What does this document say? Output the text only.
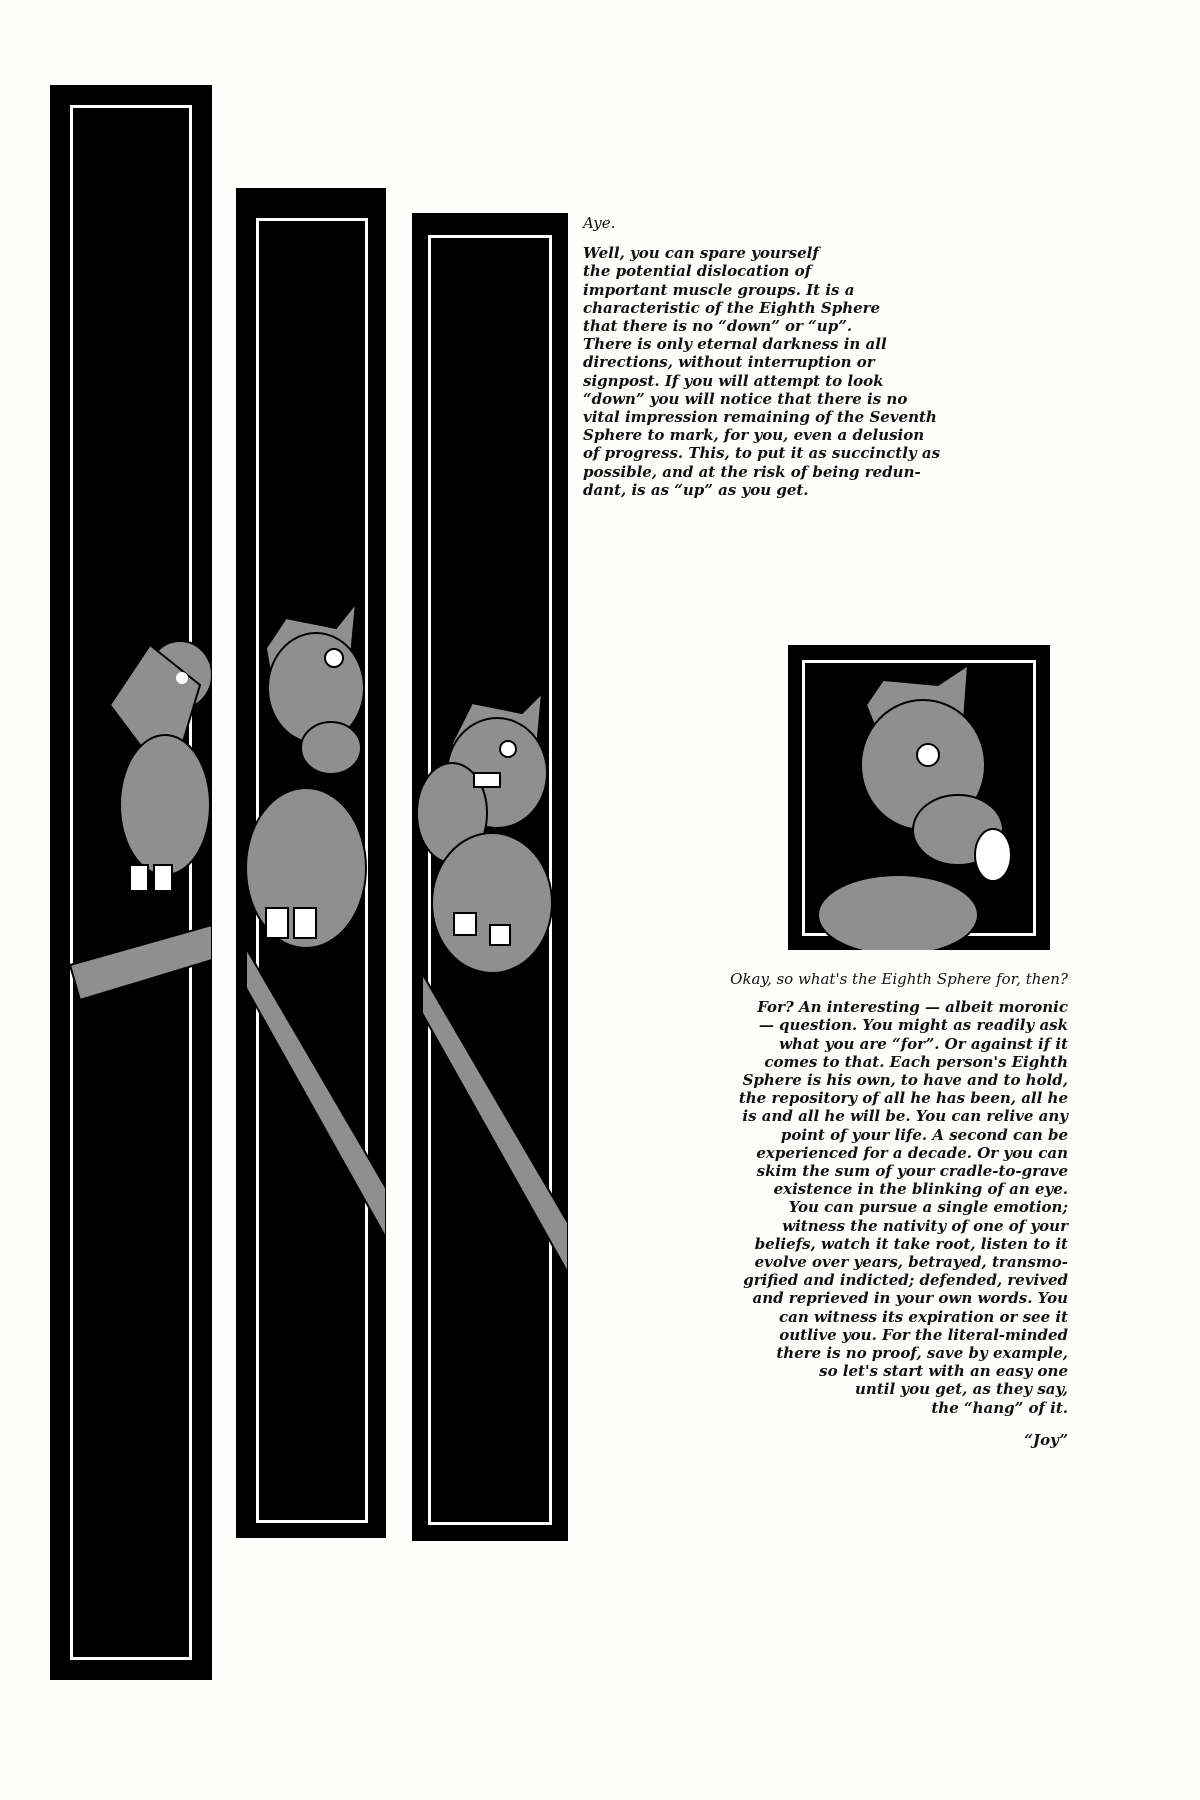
Aye.

Well, you can spare yourself
the potential dislocation of
important muscle groups. It is a
characteristic of the Eighth Sphere
that there is no “down” or “up”.
There is only eternal darkness in all
directions, without interruption or
signpost. If you will attempt to look
“down” you will notice that there is no
vital impression remaining of the Seventh
Sphere to mark, for you, even a delusion
of progress. This, to put it as succinctly as
possible, and at the risk of being redun-
dant, is as “up” as you get.

Okay, so what's the Eighth Sphere for, then?

For? An interesting — albeit moronic
— question. You might as readily ask
what you are “for”. Or against if it
comes to that. Each person's Eighth
Sphere is his own, to have and to hold,
the repository of all he has been, all he
is and all he will be. You can relive any
point of your life. A second can be
experienced for a decade. Or you can
skim the sum of your cradle-to-grave
existence in the blinking of an eye.
You can pursue a single emotion;
witness the nativity of one of your
beliefs, watch it take root, listen to it
evolve over years, betrayed, transmo-
grified and indicted; defended, revived
and reprieved in your own words. You
can witness its expiration or see it
outlive you. For the literal-minded
there is no proof, save by example,
so let's start with an easy one
until you get, as they say,
the “hang” of it.

“Joy”
